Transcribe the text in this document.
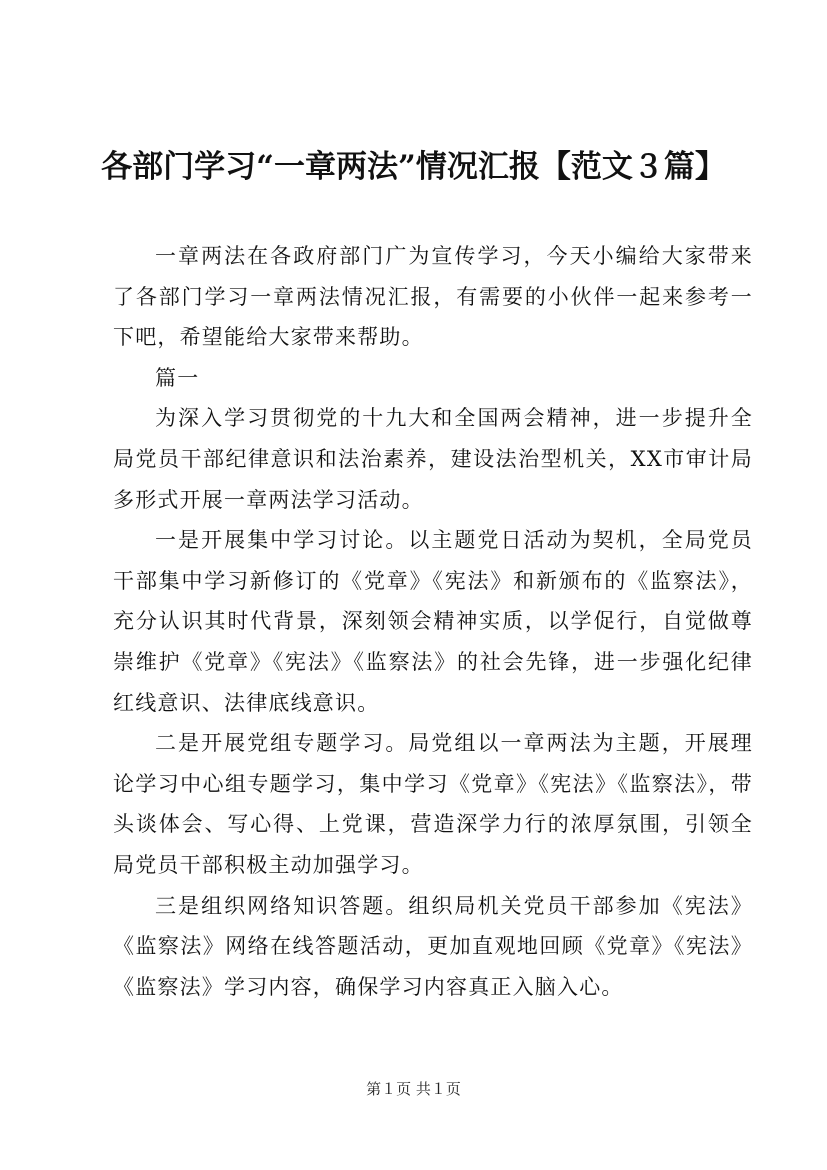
各部门学习“一章两法”情况汇报【范文３篇】

一章两法在各政府部门广为宣传学习，今天小编给大家带来了各部门学习一章两法情况汇报，有需要的小伙伴一起来参考一下吧，希望能给大家带来帮助。

篇一

为深入学习贯彻党的十九大和全国两会精神，进一步提升全局党员干部纪律意识和法治素养，建设法治型机关，XX市审计局多形式开展一章两法学习活动。

一是开展集中学习讨论。以主题党日活动为契机，全局党员干部集中学习新修订的《党章》《宪法》和新颁布的《监察法》，充分认识其时代背景，深刻领会精神实质，以学促行，自觉做尊崇维护《党章》《宪法》《监察法》的社会先锋，进一步强化纪律红线意识、法律底线意识。

二是开展党组专题学习。局党组以一章两法为主题，开展理论学习中心组专题学习，集中学习《党章》《宪法》《监察法》，带头谈体会、写心得、上党课，营造深学力行的浓厚氛围，引领全局党员干部积极主动加强学习。

三是组织网络知识答题。组织局机关党员干部参加《宪法》《监察法》网络在线答题活动，更加直观地回顾《党章》《宪法》《监察法》学习内容，确保学习内容真正入脑入心。

第１页 共１页
